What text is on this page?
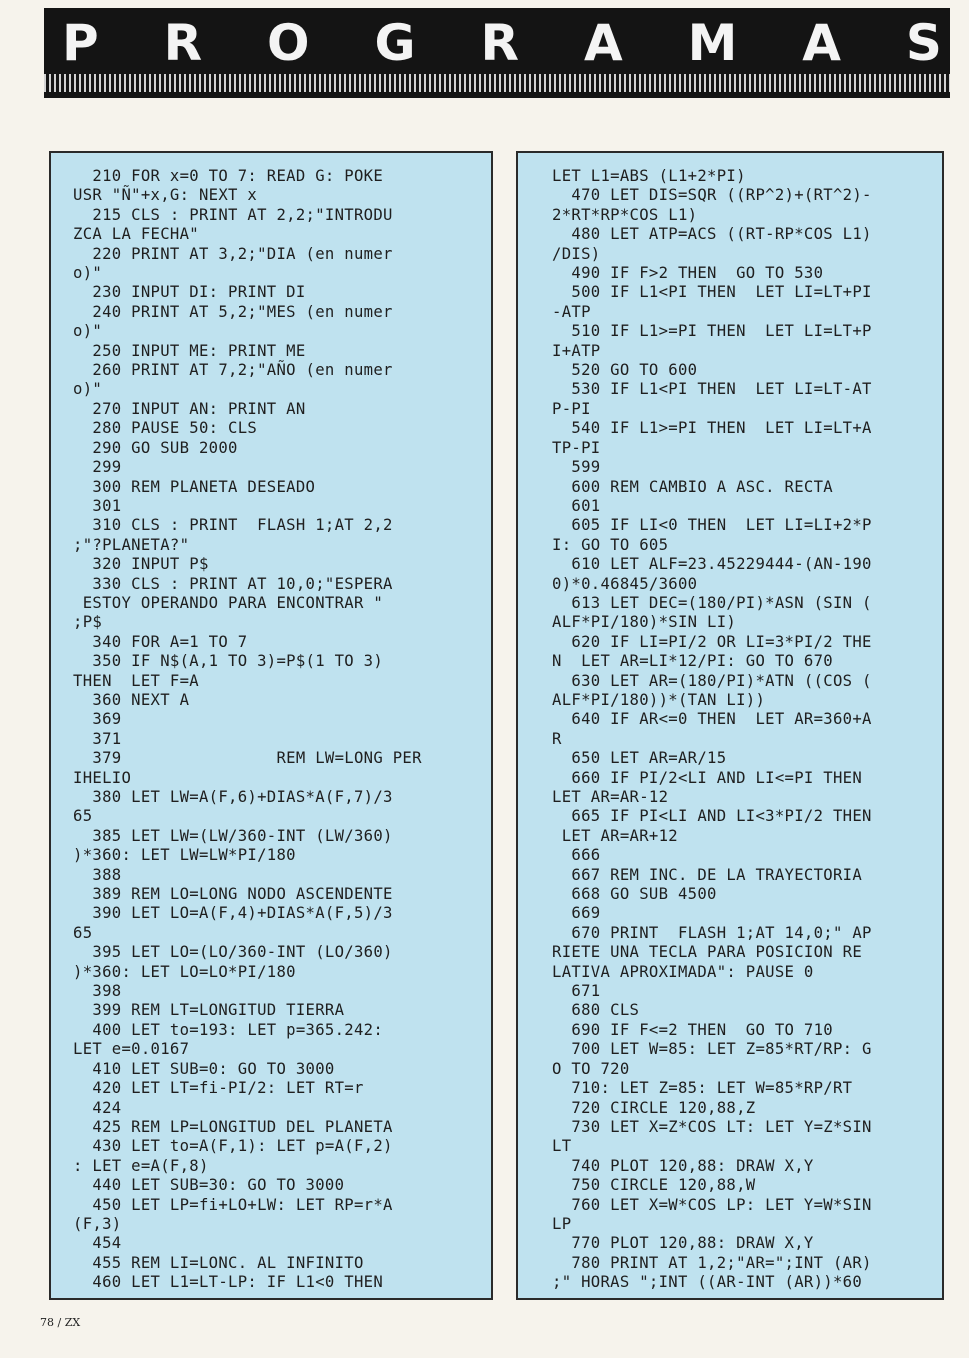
P R O G R A M A S
210 FOR x=0 TO 7: READ G: POKE
USR "Ñ"+x,G: NEXT x
215 CLS : PRINT AT 2,2;"INTRODU
ZCA LA FECHA"
220 PRINT AT 3,2;"DIA (en numer
o)"
230 INPUT DI: PRINT DI
240 PRINT AT 5,2;"MES (en numer
o)"
250 INPUT ME: PRINT ME
260 PRINT AT 7,2;"AÑO (en numer
o)"
270 INPUT AN: PRINT AN
280 PAUSE 50: CLS
290 GO SUB 2000
299
300 REM PLANETA DESEADO
301
310 CLS : PRINT  FLASH 1;AT 2,2
;"?PLANETA?"
320 INPUT P$
330 CLS : PRINT AT 10,0;"ESPERA
ESTOY OPERANDO PARA ENCONTRAR "
;P$
340 FOR A=1 TO 7
350 IF N$(A,1 TO 3)=P$(1 TO 3)
THEN  LET F=A
360 NEXT A
369
371
379                REM LW=LONG PER
IHELIO
380 LET LW=A(F,6)+DIAS*A(F,7)/3
65
385 LET LW=(LW/360-INT (LW/360)
)*360: LET LW=LW*PI/180
388
389 REM LO=LONG NODO ASCENDENTE
390 LET LO=A(F,4)+DIAS*A(F,5)/3
65
395 LET LO=(LO/360-INT (LO/360)
)*360: LET LO=LO*PI/180
398
399 REM LT=LONGITUD TIERRA
400 LET to=193: LET p=365.242:
LET e=0.0167
410 LET SUB=0: GO TO 3000
420 LET LT=fi-PI/2: LET RT=r
424
425 REM LP=LONGITUD DEL PLANETA
430 LET to=A(F,1): LET p=A(F,2)
: LET e=A(F,8)
440 LET SUB=30: GO TO 3000
450 LET LP=fi+LO+LW: LET RP=r*A
(F,3)
454
455 REM LI=LONC. AL INFINITO
460 LET L1=LT-LP: IF L1<0 THEN
LET L1=ABS (L1+2*PI)
470 LET DIS=SQR ((RP^2)+(RT^2)-
2*RT*RP*COS L1)
480 LET ATP=ACS ((RT-RP*COS L1)
/DIS)
490 IF F>2 THEN  GO TO 530
500 IF L1<PI THEN  LET LI=LT+PI
-ATP
510 IF L1>=PI THEN  LET LI=LT+P
I+ATP
520 GO TO 600
530 IF L1<PI THEN  LET LI=LT-AT
P-PI
540 IF L1>=PI THEN  LET LI=LT+A
TP-PI
599
600 REM CAMBIO A ASC. RECTA
601
605 IF LI<0 THEN  LET LI=LI+2*P
I: GO TO 605
610 LET ALF=23.45229444-(AN-190
0)*0.46845/3600
613 LET DEC=(180/PI)*ASN (SIN (
ALF*PI/180)*SIN LI)
620 IF LI=PI/2 OR LI=3*PI/2 THE
N  LET AR=LI*12/PI: GO TO 670
630 LET AR=(180/PI)*ATN ((COS (
ALF*PI/180))*(TAN LI))
640 IF AR<=0 THEN  LET AR=360+A
R
650 LET AR=AR/15
660 IF PI/2<LI AND LI<=PI THEN
LET AR=AR-12
665 IF PI<LI AND LI<3*PI/2 THEN
LET AR=AR+12
666
667 REM INC. DE LA TRAYECTORIA
668 GO SUB 4500
669
670 PRINT  FLASH 1;AT 14,0;" AP
RIETE UNA TECLA PARA POSICION RE
LATIVA APROXIMADA": PAUSE 0
671
680 CLS
690 IF F<=2 THEN  GO TO 710
700 LET W=85: LET Z=85*RT/RP: G
O TO 720
710: LET Z=85: LET W=85*RP/RT
720 CIRCLE 120,88,Z
730 LET X=Z*COS LT: LET Y=Z*SIN
LT
740 PLOT 120,88: DRAW X,Y
750 CIRCLE 120,88,W
760 LET X=W*COS LP: LET Y=W*SIN
LP
770 PLOT 120,88: DRAW X,Y
780 PRINT AT 1,2;"AR=";INT (AR)
;" HORAS ";INT ((AR-INT (AR))*60
78 / ZX
